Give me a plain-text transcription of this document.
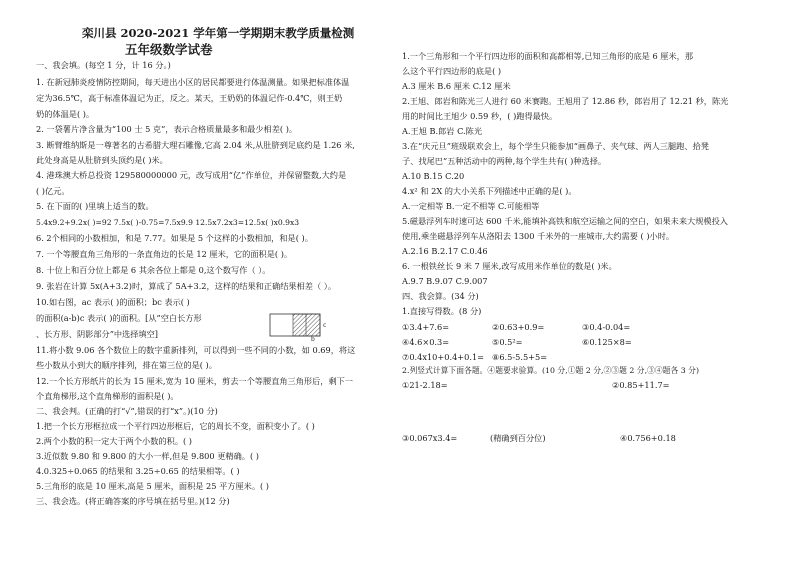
栾川县 2020-2021 学年第一学期期末教学质量检测
五年级数学试卷
一、我会填。(每空 1 分，计 16 分。)
1. 在新冠肺炎疫情防控期间，每天进出小区的居民都要进行体温测量。如果把标准体温
定为36.5℃，高于标准体温记为正，反之。某天，王奶奶的体温记作-0.4℃，则王奶
奶的体温是( )。
2. 一袋薯片净含量为“100 士 5 克”，表示合格质量最多和最少相差( )。
3. 断臂维纳斯是一尊著名的古希腊大理石雕像,它高 2.04 米,从肚脐到足底约是 1.26 米,
此处身高是从肚脐到头顶约是( )米。
4. 港珠澳大桥总投资 129580000000 元，改写成用“亿”作单位，并保留整数,大约是
( )亿元。
5. 在下面的( )里填上适当的数。
5.4x9.2+9.2x( )=92 7.5x( )-0.75=7.5x9.9 12.5x7.2x3=12.5x( )x0.9x3
6. 2个相同的小数相加，和是 7.77。如果是 5 个这样的小数相加，和是( )。
7. 一个等腰直角三角形的一条直角边的长是 12 厘米，它的面积是( )。
8. 十位上和百分位上都是 6 其余各位上都是 0,这个数写作（ ）。
9. 张岩在计算 5x(A+3.2)时，算成了 5A+3.2，这样的结果和正确结果相差（ ）。
10.如右图，ac 表示( )的面积；bc 表示( )
的面积(a-b)c 表示( )的面积。[从”空白长方形
、长方形、阴影部分”中选择填空]
11.将小数 9.06 各个数位上的数字重新排列，可以得到一些不同的小数，如 0.69，将这
些小数从小到大的顺序排列，排在第三位的是( )。
12.一个长方形纸片的长为 15 厘米,宽为 10 厘米，剪去一个等腰直角三角形后，剩下一
个直角梯形,这个直角梯形的面积是( )。
二、我会判。(正确的打“√”,错误的打“x”。)(10 分)
1.把一个长方形框拉成一个平行四边形框后，它的周长不变，面积变小了。( )
2.两个小数的积一定大于两个小数的积。( )
3.近似数 9.80 和 9.800 的大小一样,但是 9.800 更精确。( )
4.0.325÷0.065 的结果和 3.25÷0.65 的结果相等。( )
5.三角形的底是 10 厘米,高是 5 厘米，面积是 25 平方厘米。( )
三、我会选。(将正确答案的序号填在括号里。)(12 分)
c
b
1.一个三角形和一个平行四边形的面积和高都相等,已知三角形的底是 6 厘米，那
么这个平行四边形的底是( )
A.3 厘米 B.6 厘米 C.12 厘米
2.王旭、郎岩和陈光三人进行 60 米赛跑。王旭用了 12.86 秒，郎岩用了 12.21 秒，陈光
用的时间比王旭少 0.59 秒，( )跑得最快。
A.王旭 B.郎岩 C.陈光
3.在“庆元旦”班级联欢会上，每个学生只能参加“画鼻子、夹气球、两人三腿跑、拾凳
子、找尾巴”五种活动中的两种,每个学生共有( )种选择。
A.10 B.15 C.20
4.x² 和 2X 的大小关系下列描述中正确的是( )。
A.一定相等 B.一定不相等 C.可能相等
5.磁悬浮列车时速可达 600 千米,能填补高铁和航空运输之间的空白，如果未来大规模投入
使用,乘坐磁悬浮列车从洛阳去 1300 千米外的一座城市,大约需要 ( )小时。
A.2.16 B.2.17 C.0.46
6. 一根铁丝长 9 米 7 厘米,改写成用米作单位的数是( )米。
A.9.7 B.9.07 C.9.007
四、我会算。(34 分)
1.直接写得数。(8 分)
①3.4+7.6=	②0.63+0.9=	③0.4-0.04=
④4.6×0.3=	⑤0.5²=	⑥0.125×8=
⑦0.4x10+0.4+0.1= ⑧6.5-5.5+5=
2.列竖式计算下面各题。④题要求验算。(10 分,①题 2 分,②③题 2 分,③④题各 3 分)
①21-2.18=	②0.85+11.7=
③0.067x3.4=	(精确到百分位)	④0.756+0.18
